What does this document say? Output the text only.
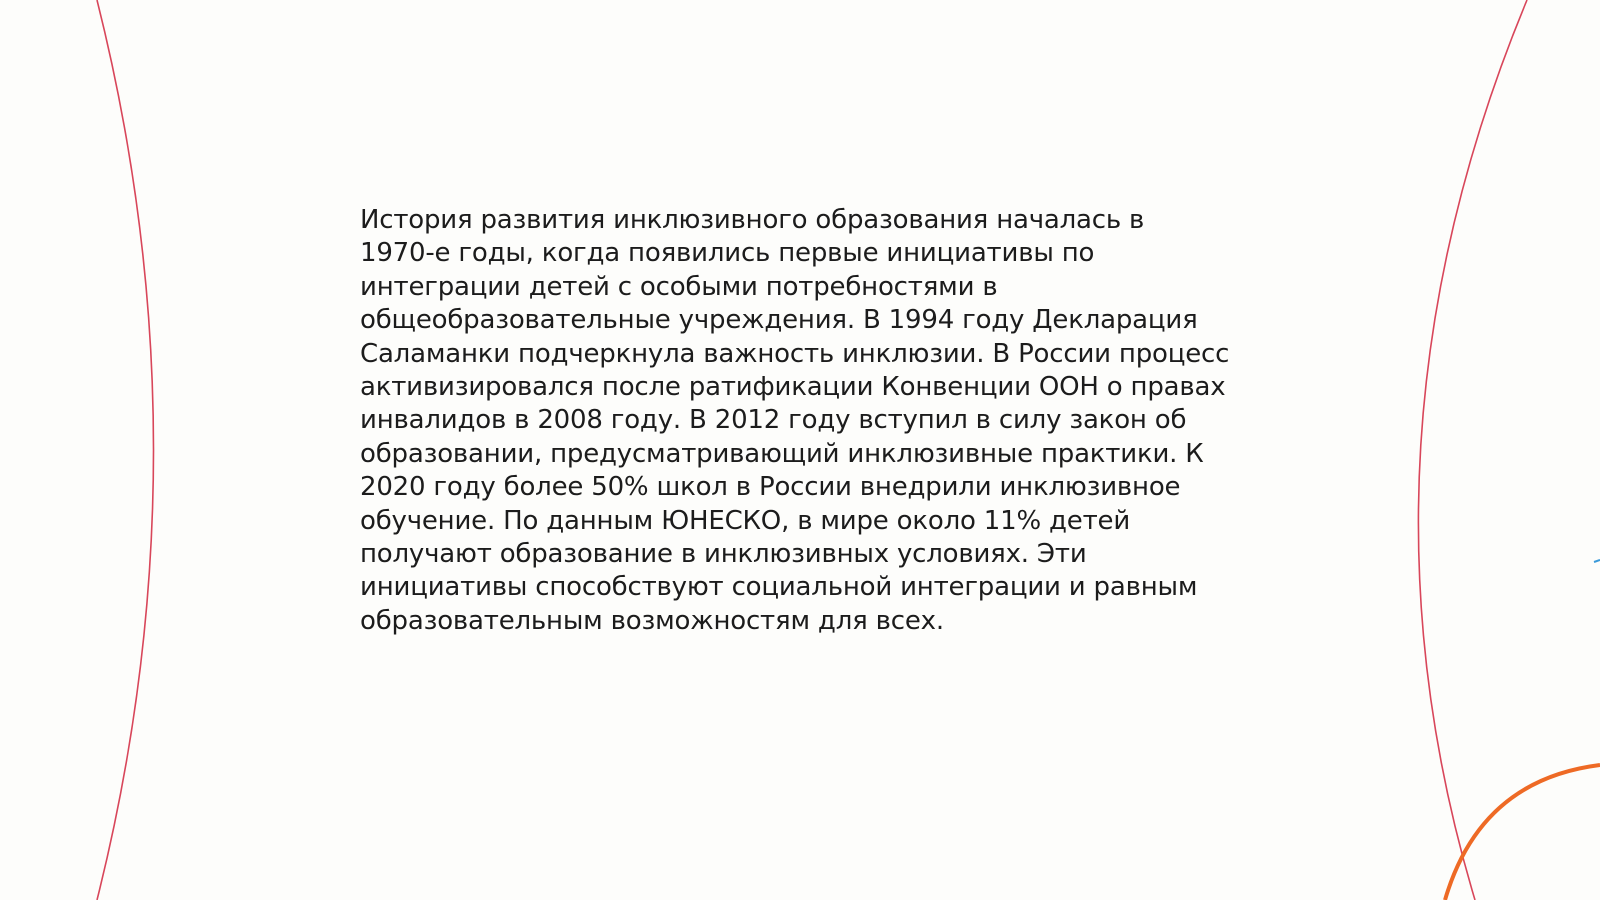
История развития инклюзивного образования началась в
1970-е годы, когда появились первые инициативы по
интеграции детей с особыми потребностями в
общеобразовательные учреждения. В 1994 году Декларация
Саламанки подчеркнула важность инклюзии. В России процесс
активизировался после ратификации Конвенции ООН о правах
инвалидов в 2008 году. В 2012 году вступил в силу закон об
образовании, предусматривающий инклюзивные практики. К
2020 году более 50% школ в России внедрили инклюзивное
обучение. По данным ЮНЕСКО, в мире около 11% детей
получают образование в инклюзивных условиях. Эти
инициативы способствуют социальной интеграции и равным
образовательным возможностям для всех.
